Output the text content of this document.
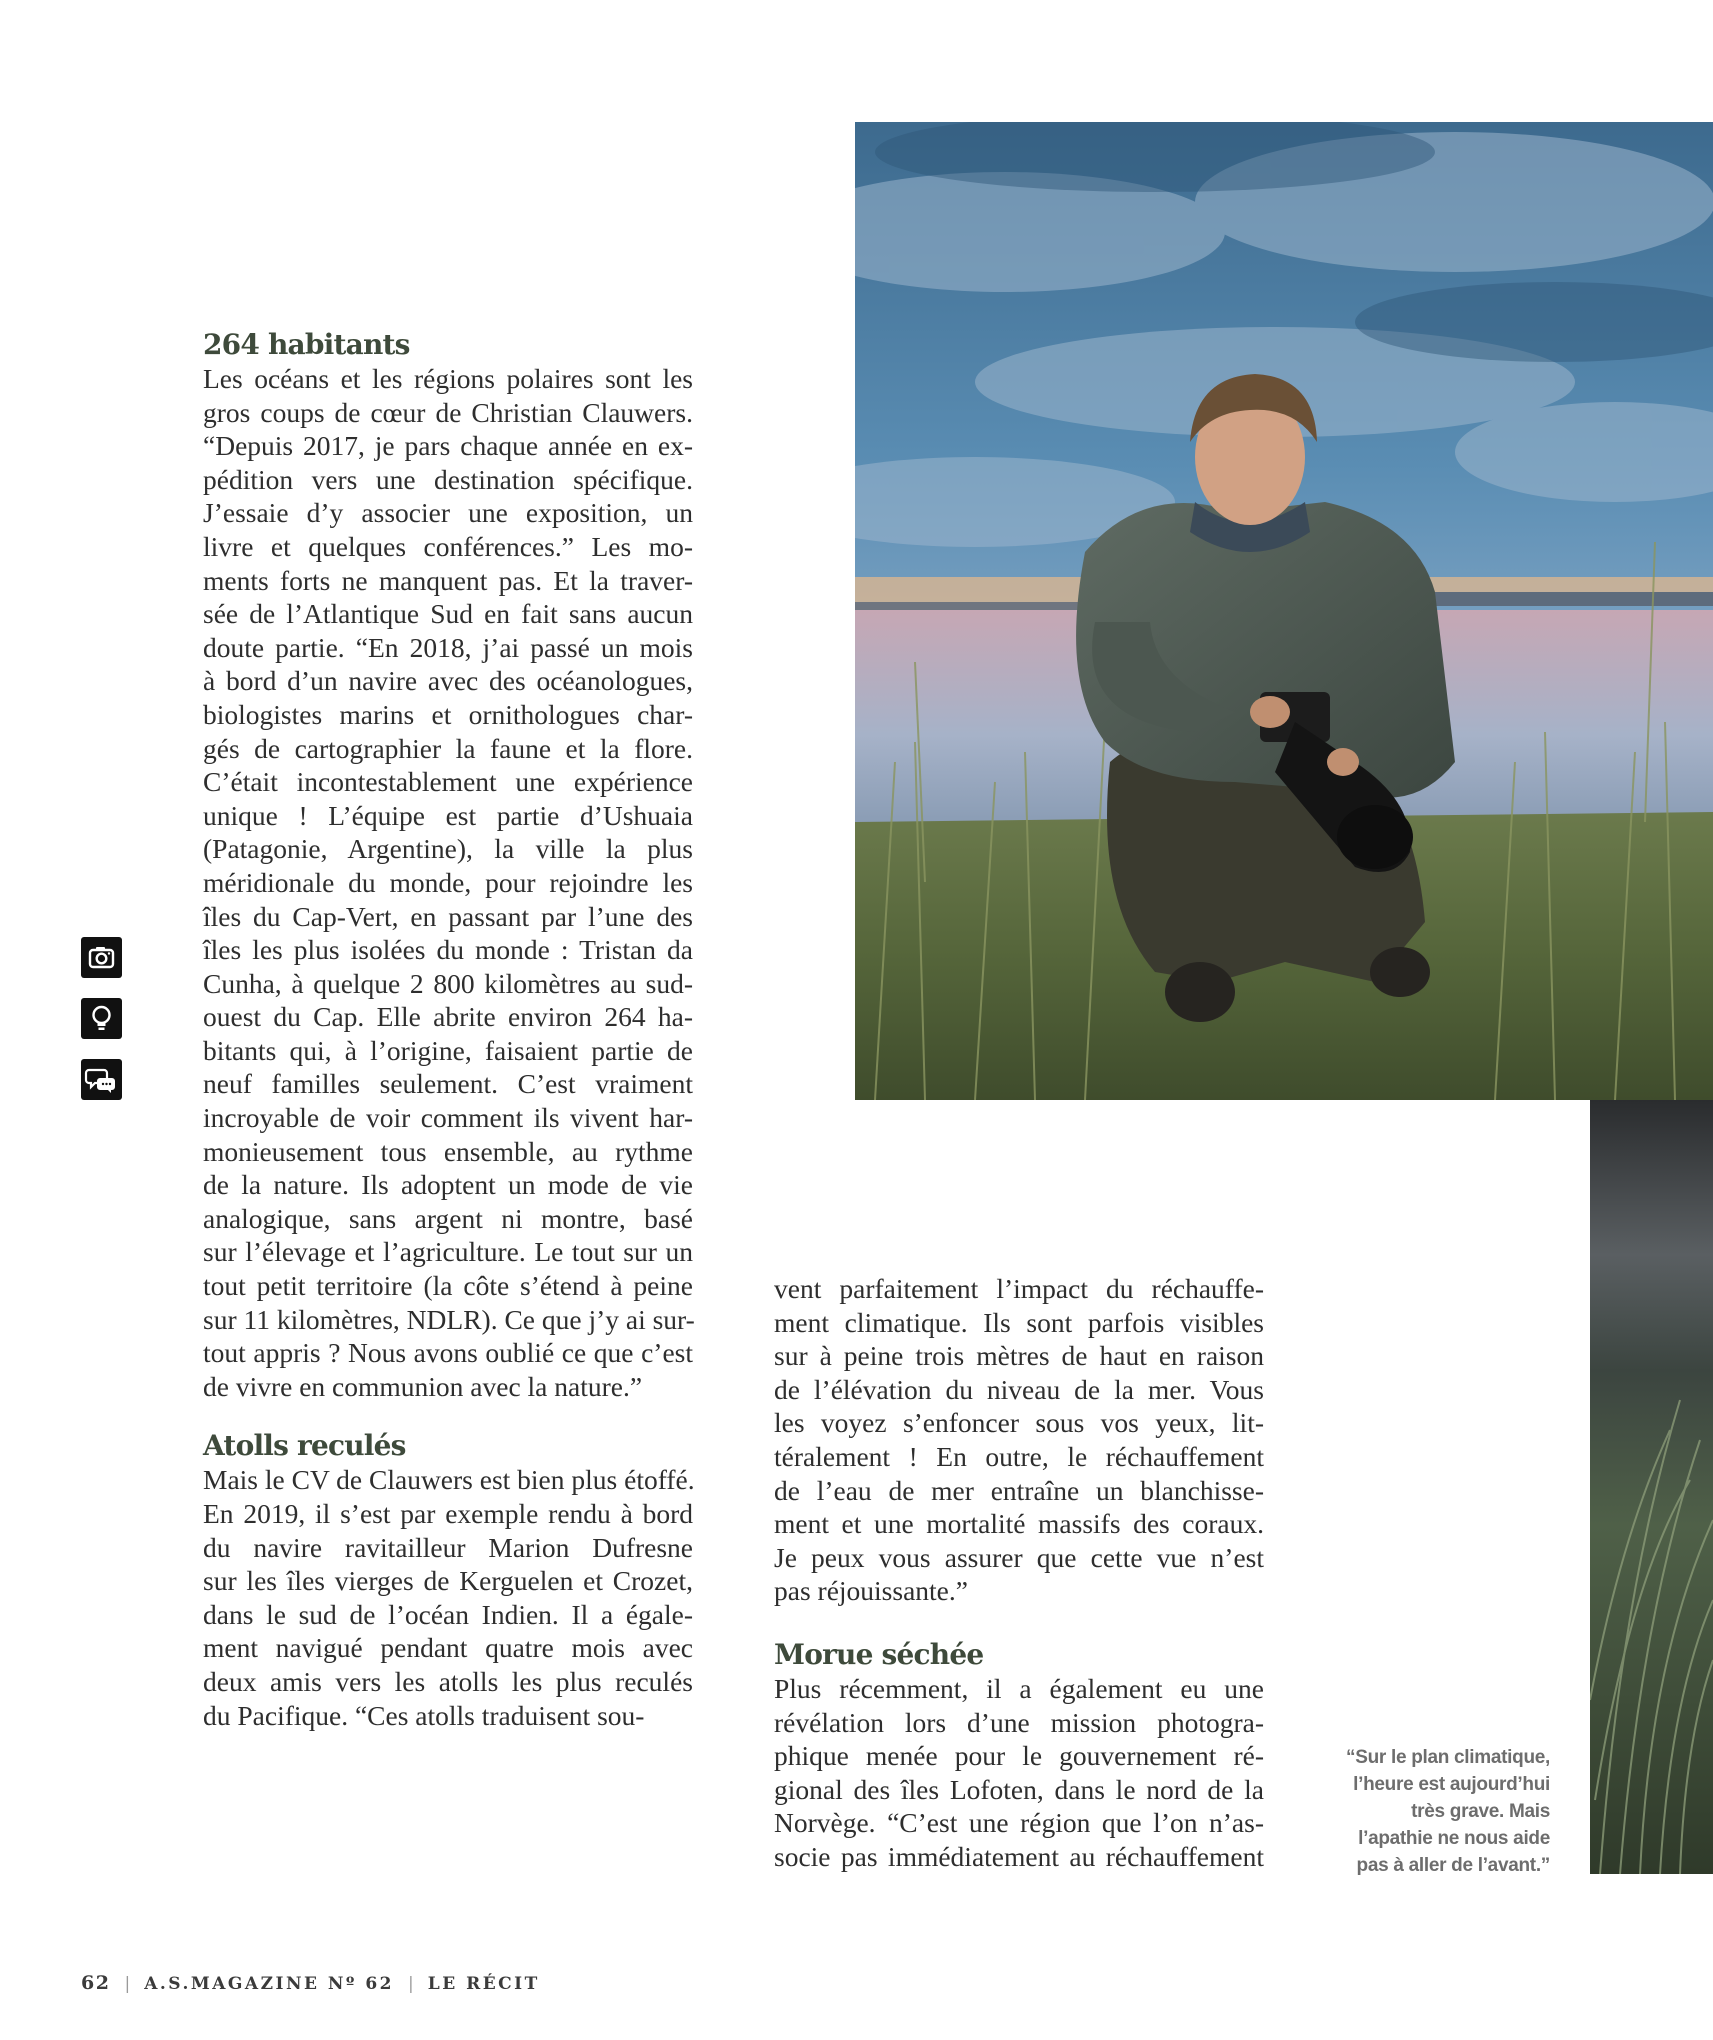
264 habitants

Les océans et les régions polaires sont les
gros coups de cœur de Christian Clauwers.
“Depuis 2017, je pars chaque année en ex-
pédition vers une destination spécifique.
J’essaie d’y associer une exposition, un
livre et quelques conférences.” Les mo-
ments forts ne manquent pas. Et la traver-
sée de l’Atlantique Sud en fait sans aucun
doute partie. “En 2018, j’ai passé un mois
à bord d’un navire avec des océanologues,
biologistes marins et ornithologues char-
gés de cartographier la faune et la flore.
C’était incontestablement une expérience
unique ! L’équipe est partie d’Ushuaia
(Patagonie, Argentine), la ville la plus
méridionale du monde, pour rejoindre les
îles du Cap-Vert, en passant par l’une des
îles les plus isolées du monde : Tristan da
Cunha, à quelque 2 800 kilomètres au sud-
ouest du Cap. Elle abrite environ 264 ha-
bitants qui, à l’origine, faisaient partie de
neuf familles seulement. C’est vraiment
incroyable de voir comment ils vivent har-
monieusement tous ensemble, au rythme
de la nature. Ils adoptent un mode de vie
analogique, sans argent ni montre, basé
sur l’élevage et l’agriculture. Le tout sur un
tout petit territoire (la côte s’étend à peine
sur 11 kilomètres, NDLR). Ce que j’y ai sur-
tout appris ? Nous avons oublié ce que c’est
de vivre en communion avec la nature.”

Atolls reculés

Mais le CV de Clauwers est bien plus étoffé.
En 2019, il s’est par exemple rendu à bord
du navire ravitailleur Marion Dufresne
sur les îles vierges de Kerguelen et Crozet,
dans le sud de l’océan Indien. Il a égale-
ment navigué pendant quatre mois avec
deux amis vers les atolls les plus reculés
du Pacifique. “Ces atolls traduisent sou-

vent parfaitement l’impact du réchauffe-
ment climatique. Ils sont parfois visibles
sur à peine trois mètres de haut en raison
de l’élévation du niveau de la mer. Vous
les voyez s’enfoncer sous vos yeux, lit-
téralement ! En outre, le réchauffement
de l’eau de mer entraîne un blanchisse-
ment et une mortalité massifs des coraux.
Je peux vous assurer que cette vue n’est
pas réjouissante.”

Morue séchée

Plus récemment, il a également eu une
révélation lors d’une mission photogra-
phique menée pour le gouvernement ré-
gional des îles Lofoten, dans le nord de la
Norvège. “C’est une région que l’on n’as-
socie pas immédiatement au réchauffement

“Sur le plan climatique,
l’heure est aujourd’hui
très grave. Mais
l’apathie ne nous aide
pas à aller de l’avant.”
62 | A.S.MAGAZINE Nº 62 | LE RÉCIT
